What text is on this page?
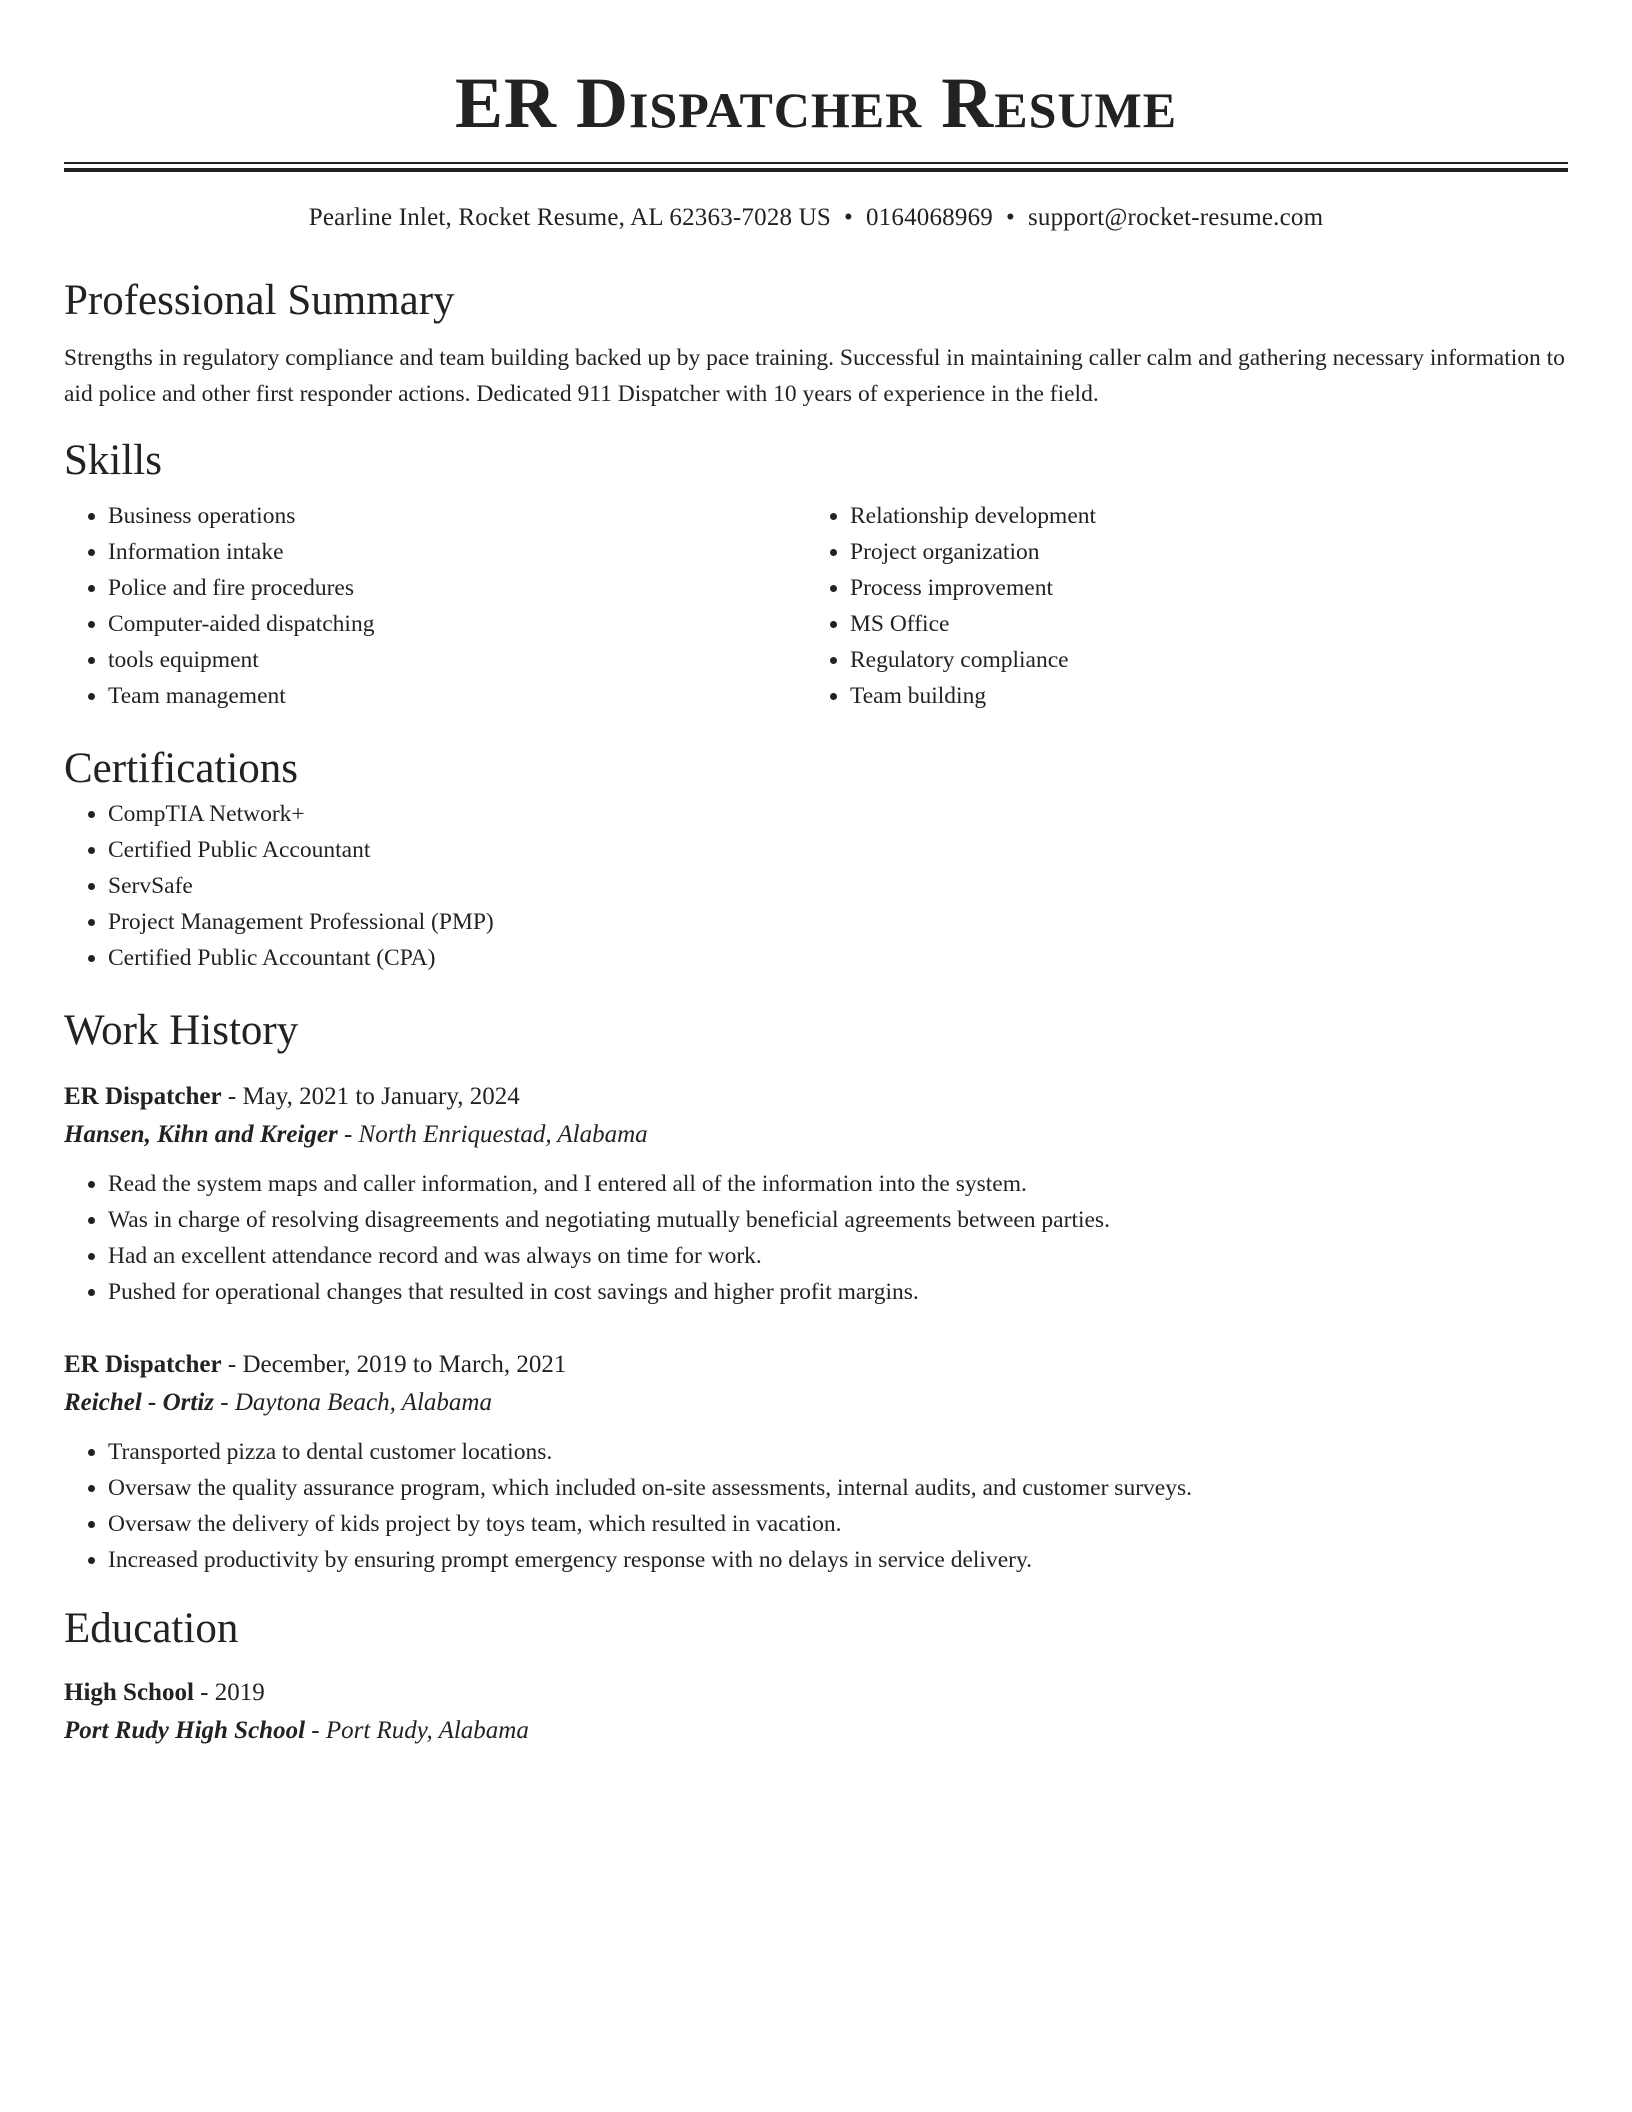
ER Dispatcher Resume
Pearline Inlet, Rocket Resume, AL 62363-7028 US • 0164068969 • support@rocket-resume.com
Professional Summary

Strengths in regulatory compliance and team building backed up by pace training. Successful in maintaining caller calm and gathering necessary information to aid police and other first responder actions. Dedicated 911 Dispatcher with 10 years of experience in the field.

Skills
• Business operations
• Information intake
• Police and fire procedures
• Computer-aided dispatching
• tools equipment
• Team management
• Relationship development
• Project organization
• Process improvement
• MS Office
• Regulatory compliance
• Team building
Certifications
• CompTIA Network+
• Certified Public Accountant
• ServSafe
• Project Management Professional (PMP)
• Certified Public Accountant (CPA)
Work History
ER Dispatcher - May, 2021 to January, 2024
Hansen, Kihn and Kreiger - North Enriquestad, Alabama
• Read the system maps and caller information, and I entered all of the information into the system.
• Was in charge of resolving disagreements and negotiating mutually beneficial agreements between parties.
• Had an excellent attendance record and was always on time for work.
• Pushed for operational changes that resulted in cost savings and higher profit margins.
ER Dispatcher - December, 2019 to March, 2021
Reichel - Ortiz - Daytona Beach, Alabama
• Transported pizza to dental customer locations.
• Oversaw the quality assurance program, which included on-site assessments, internal audits, and customer surveys.
• Oversaw the delivery of kids project by toys team, which resulted in vacation.
• Increased productivity by ensuring prompt emergency response with no delays in service delivery.
Education
High School - 2019
Port Rudy High School - Port Rudy, Alabama
